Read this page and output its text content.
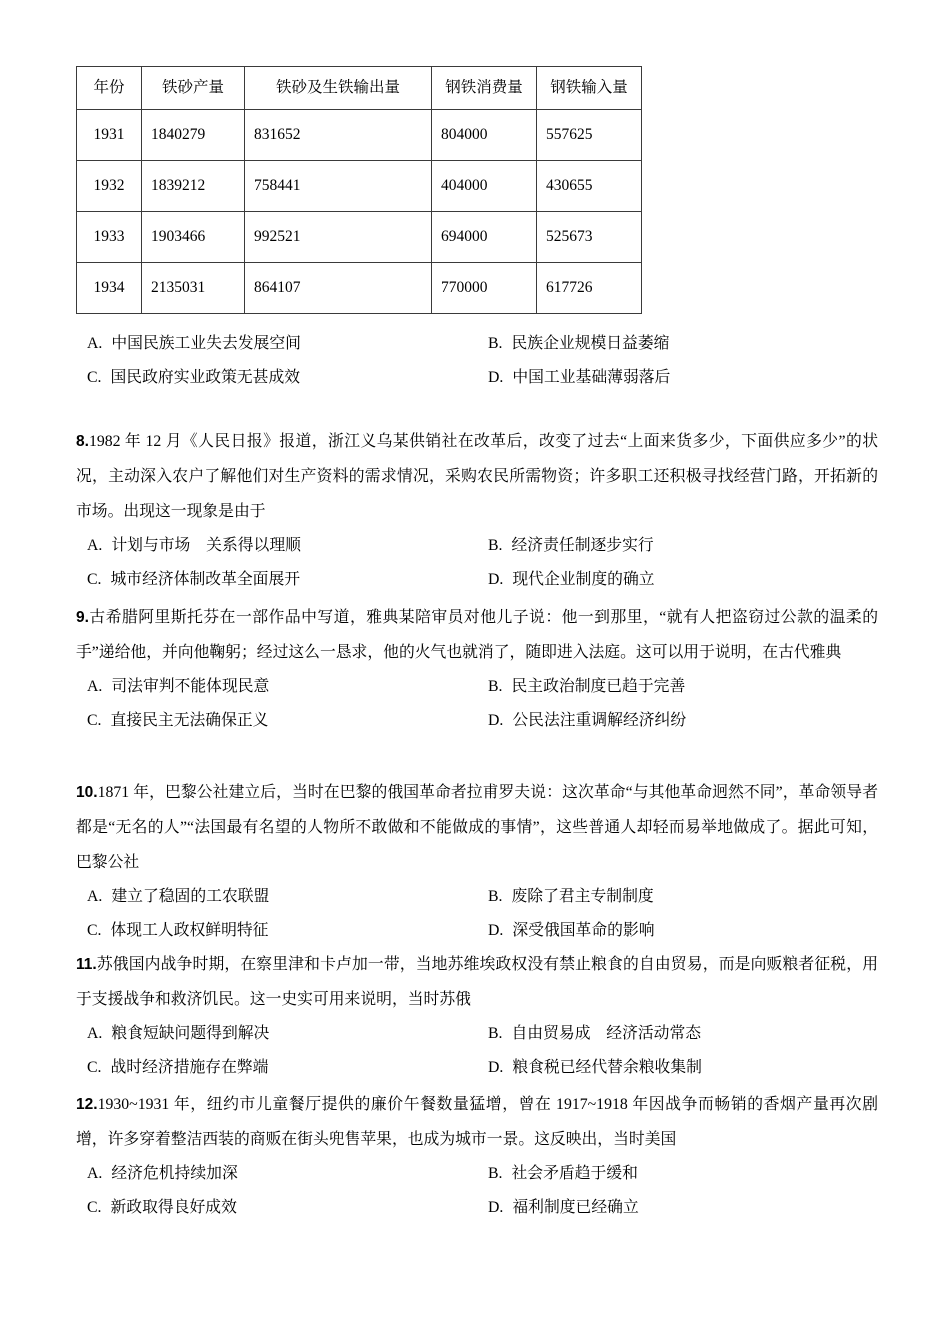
年份	铁砂产量	铁砂及生铁输出量	钢铁消费量	钢铁输入量
1931	1840279	831652	804000	557625
1932	1839212	758441	404000	430655
1933	1903466	992521	694000	525673
1934	2135031	864107	770000	617726
A. 中国民族工业失去发展空间	B. 民族企业规模日益萎缩
C. 国民政府实业政策无甚成效	D. 中国工业基础薄弱落后

8.1982 年 12 月《人民日报》报道，浙江义乌某供销社在改革后，改变了过去“上面来货多少，下面供应多少”的状况，主动深入农户了解他们对生产资料的需求情况，采购农民所需物资；许多职工还积极寻找经营门路，开拓新的市场。出现这一现象是由于

A. 计划与市场　关系得以理顺	B. 经济责任制逐步实行
C. 城市经济体制改革全面展开	D. 现代企业制度的确立

9.古希腊阿里斯托芬在一部作品中写道，雅典某陪审员对他儿子说：他一到那里，“就有人把盗窃过公款的温柔的手”递给他，并向他鞠躬；经过这么一恳求，他的火气也就消了，随即进入法庭。这可以用于说明，在古代雅典

A. 司法审判不能体现民意	B. 民主政治制度已趋于完善
C. 直接民主无法确保正义	D. 公民法注重调解经济纠纷

10.1871 年，巴黎公社建立后，当时在巴黎的俄国革命者拉甫罗夫说：这次革命“与其他革命迥然不同”，革命领导者都是“无名的人”“法国最有名望的人物所不敢做和不能做成的事情”，这些普通人却轻而易举地做成了。据此可知，巴黎公社

A. 建立了稳固的工农联盟	B. 废除了君主专制制度
C. 体现工人政权鲜明特征	D. 深受俄国革命的影响

11.苏俄国内战争时期，在察里津和卡卢加一带，当地苏维埃政权没有禁止粮食的自由贸易，而是向贩粮者征税，用于支援战争和救济饥民。这一史实可用来说明，当时苏俄

A. 粮食短缺问题得到解决	B. 自由贸易成　经济活动常态
C. 战时经济措施存在弊端	D. 粮食税已经代替余粮收集制

12.1930~1931 年，纽约市儿童餐厅提供的廉价午餐数量猛增，曾在 1917~1918 年因战争而畅销的香烟产量再次剧增，许多穿着整洁西装的商贩在街头兜售苹果，也成为城市一景。这反映出，当时美国

A. 经济危机持续加深	B. 社会矛盾趋于缓和
C. 新政取得良好成效	D. 福利制度已经确立
